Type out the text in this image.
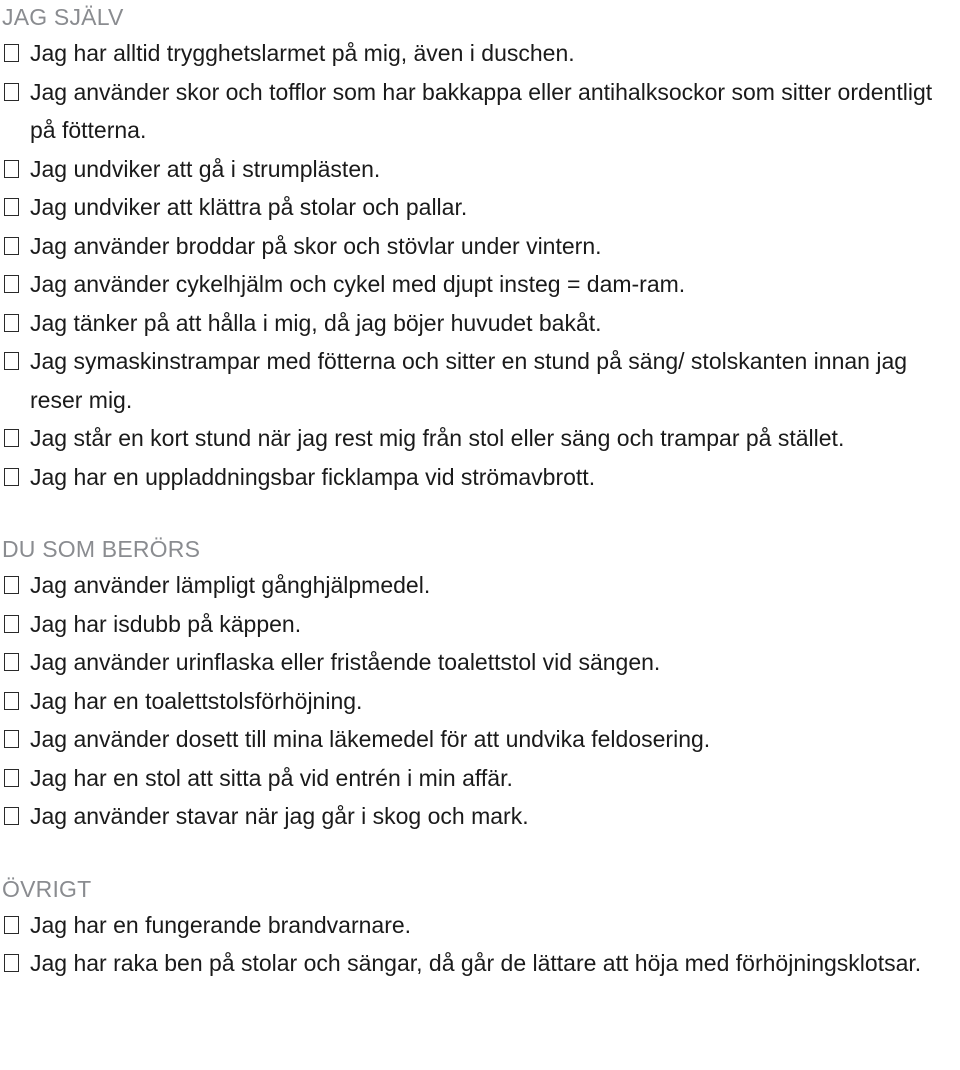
JAG SJÄLV
Jag har alltid trygghetslarmet på mig, även i duschen.
Jag använder skor och tofflor som har bakkappa eller antihalksockor som sitter ordentligt på fötterna.
Jag undviker att gå i strumplästen.
Jag undviker att klättra på stolar och pallar.
Jag använder broddar på skor och stövlar under vintern.
Jag använder cykelhjälm och cykel med djupt insteg = dam-ram.
Jag tänker på att hålla i mig, då jag böjer huvudet bakåt.
Jag symaskinstrampar med fötterna och sitter en stund på säng/ stolskanten innan jag reser mig.
Jag står en kort stund när jag rest mig från stol eller säng och trampar på stället.
Jag har en uppladdningsbar ficklampa vid strömavbrott.
DU SOM BERÖRS
Jag använder lämpligt gånghjälpmedel.
Jag har isdubb på käppen.
Jag använder urinflaska eller fristående toalettstol vid sängen.
Jag har en toalettstolsförhöjning.
Jag använder dosett till mina läkemedel för att undvika feldosering.
Jag har en stol att sitta på vid entrén i min affär.
Jag använder stavar när jag går i skog och mark.
ÖVRIGT
Jag har en fungerande brandvarnare.
Jag har raka ben på stolar och sängar, då går de lättare att höja med förhöjningsklotsar.
